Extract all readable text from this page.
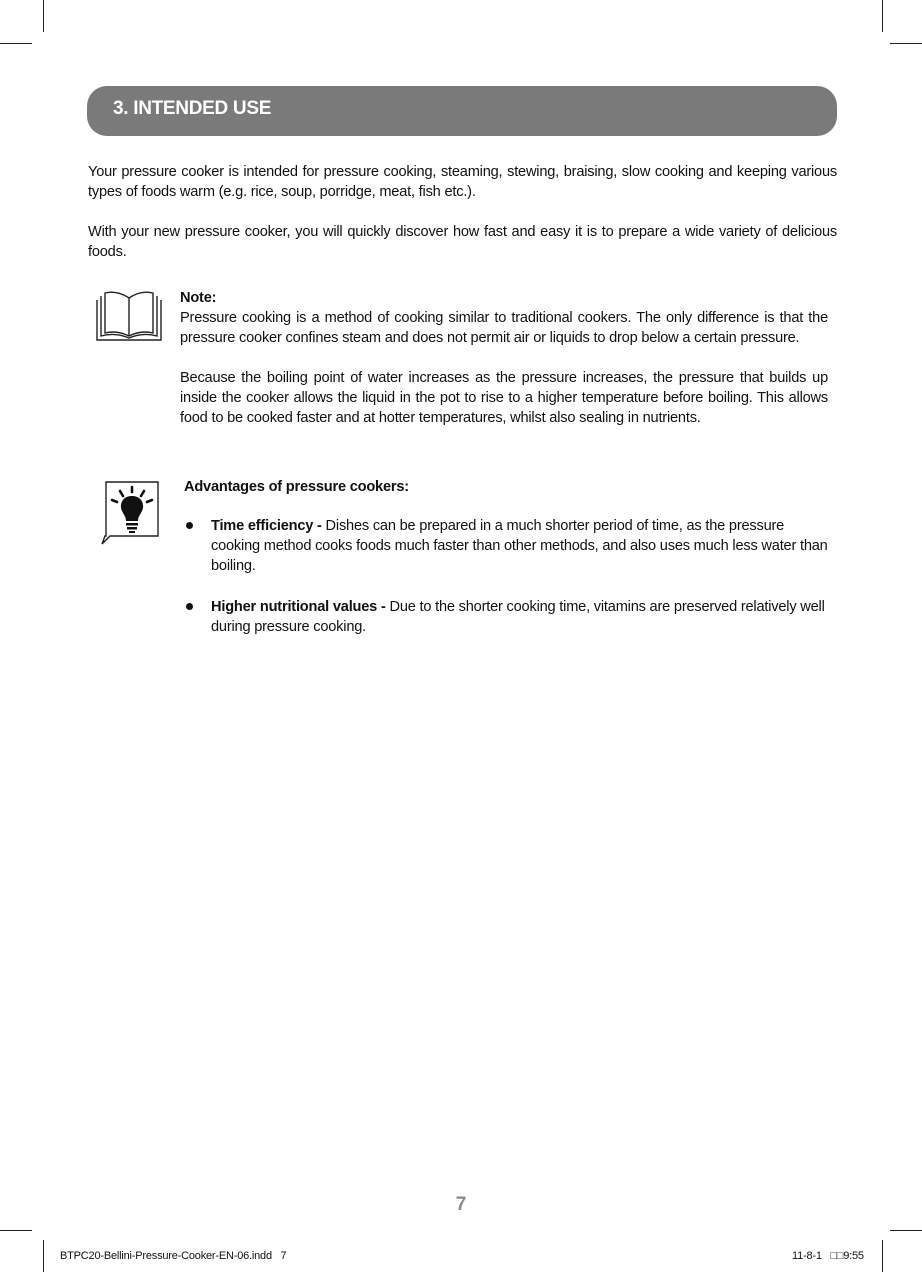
3. INTENDED USE

Your pressure cooker is intended for pressure cooking, steaming, stewing, braising, slow cooking and keeping various types of foods warm (e.g. rice, soup, porridge, meat, fish etc.).

With your new pressure cooker, you will quickly discover how fast and easy it is to prepare a wide variety of delicious foods.

Note:

Pressure cooking is a method of cooking similar to traditional cookers. The only difference is that the pressure cooker confines steam and does not permit air or liquids to drop below a certain pressure.

Because the boiling point of water increases as the pressure increases, the pressure that builds up inside the cooker allows the liquid in the pot to rise to a higher temperature before boiling. This allows food to be cooked faster and at hotter temperatures, whilst also sealing in nutrients.

Advantages of pressure cookers:

Time efficiency - Dishes can be prepared in a much shorter period of time, as the pressure cooking method cooks foods much faster than other methods, and also uses much less water than boiling.

Higher nutritional values - Due to the shorter cooking time, vitamins are preserved relatively well during pressure cooking.

7
BTPC20-Bellini-Pressure-Cooker-EN-06.indd   7	11-8-1   □□9:55
